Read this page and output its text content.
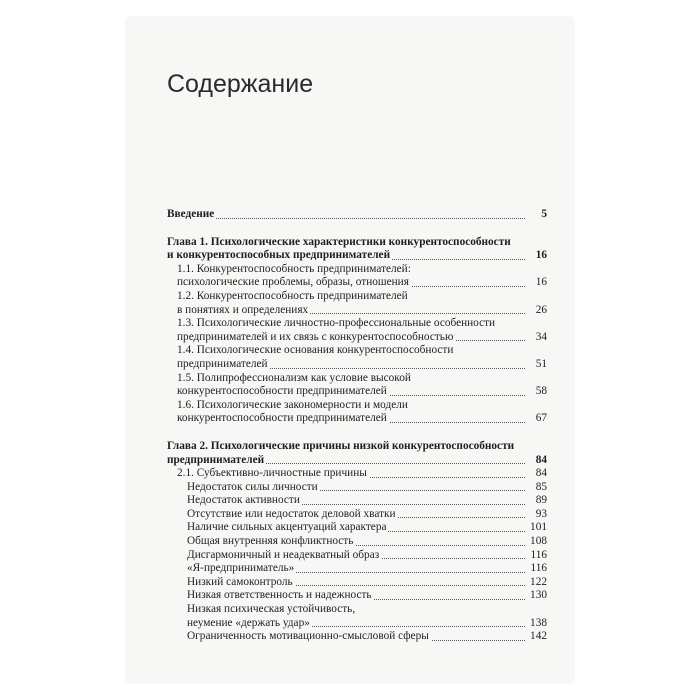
Содержание
Введение	5
Глава 1. Психологические характеристики конкурентоспособности
и конкурентоспособных предпринимателей	16
1.1. Конкурентоспособность предпринимателей:
психологические проблемы, образы, отношения	16
1.2. Конкурентоспособность предпринимателей
в понятиях и определениях	26
1.3. Психологические личностно-профессиональные особенности
предпринимателей и их связь с конкурентоспособностью	34
1.4. Психологические основания конкурентоспособности
предпринимателей	51
1.5. Полипрофессионализм как условие высокой
конкурентоспособности предпринимателей	58
1.6. Психологические закономерности и модели
конкурентоспособности предпринимателей	67
Глава 2. Психологические причины низкой конкурентоспособности
предпринимателей	84
2.1. Субъективно-личностные причины	84
Недостаток силы личности	85
Недостаток активности	89
Отсутствие или недостаток деловой хватки	93
Наличие сильных акцентуаций характера	101
Общая внутренняя конфликтность	108
Дисгармоничный и неадекватный образ	116
«Я-предприниматель»	116
Низкий самоконтроль	122
Низкая ответственность и надежность	130
Низкая психическая устойчивость,
неумение «держать удар»	138
Ограниченность мотивационно-смысловой сферы	142
